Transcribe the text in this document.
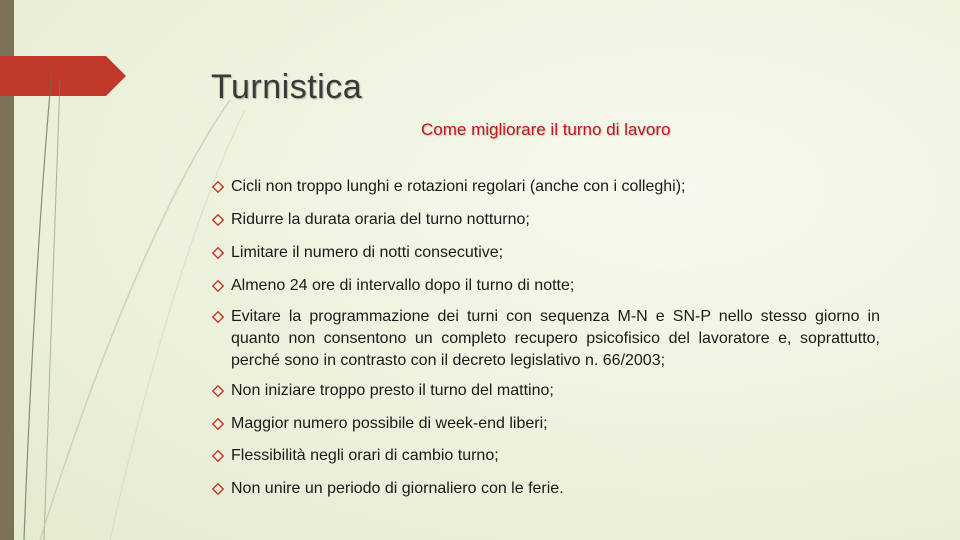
Turnistica
Come migliorare il turno di lavoro
Cicli non troppo lunghi e rotazioni regolari (anche con i colleghi);
Ridurre la durata oraria del turno notturno;
Limitare il numero di notti consecutive;
Almeno 24 ore di intervallo dopo il turno di notte;
Evitare la programmazione dei turni con sequenza M-N e SN-P nello stesso giorno in quanto non consentono un completo recupero psicofisico del lavoratore e, soprattutto, perché sono in contrasto con il decreto legislativo n. 66/2003;
Non iniziare troppo presto il turno del mattino;
Maggior numero possibile di week-end liberi;
Flessibilità negli orari di cambio turno;
Non unire un periodo di giornaliero con le ferie.
